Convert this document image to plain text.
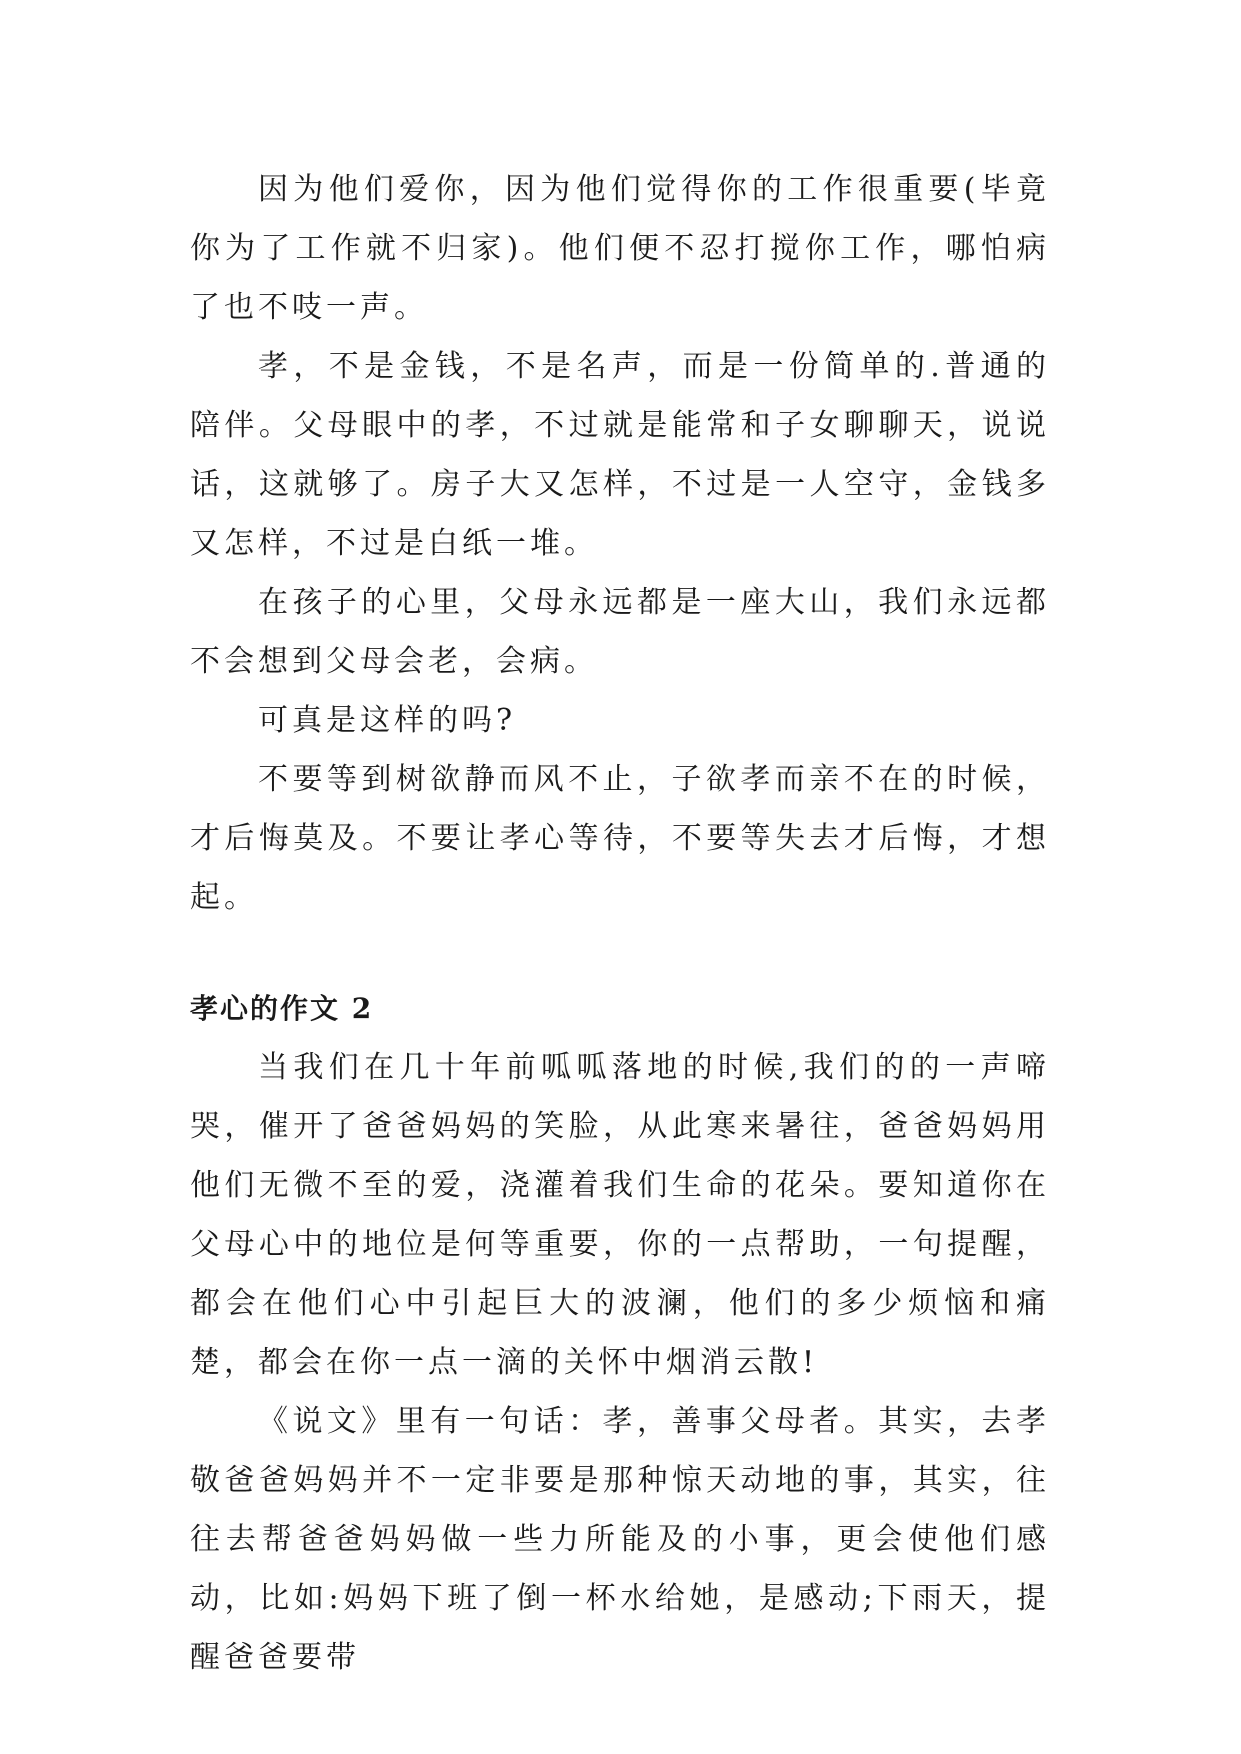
因为他们爱你，因为他们觉得你的工作很重要(毕竟你为了工作就不归家)。他们便不忍打搅你工作，哪怕病了也不吱一声。

孝，不是金钱，不是名声，而是一份简单的.普通的陪伴。父母眼中的孝，不过就是能常和子女聊聊天，说说话，这就够了。房子大又怎样，不过是一人空守，金钱多又怎样，不过是白纸一堆。

在孩子的心里，父母永远都是一座大山，我们永远都不会想到父母会老，会病。

可真是这样的吗?

不要等到树欲静而风不止，子欲孝而亲不在的时候，才后悔莫及。不要让孝心等待，不要等失去才后悔，才想起。

孝心的作文 2

当我们在几十年前呱呱落地的时候,我们的的一声啼哭，催开了爸爸妈妈的笑脸，从此寒来暑往，爸爸妈妈用他们无微不至的爱，浇灌着我们生命的花朵。要知道你在父母心中的地位是何等重要，你的一点帮助，一句提醒，都会在他们心中引起巨大的波澜，他们的多少烦恼和痛楚，都会在你一点一滴的关怀中烟消云散!

《说文》里有一句话：孝，善事父母者。其实，去孝敬爸爸妈妈并不一定非要是那种惊天动地的事，其实，往往去帮爸爸妈妈做一些力所能及的小事，更会使他们感动，比如:妈妈下班了倒一杯水给她，是感动;下雨天，提醒爸爸要带
